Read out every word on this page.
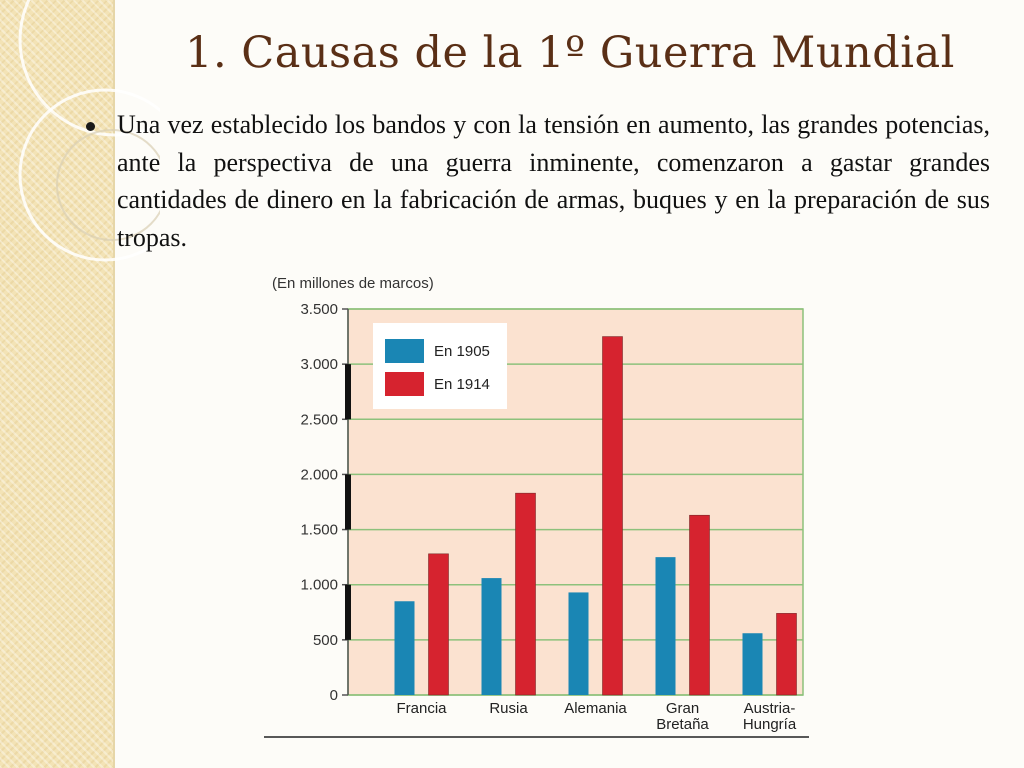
1. Causas de la 1º Guerra Mundial

Una vez establecido los bandos y con la tensión en aumento, las grandes potencias, ante la perspectiva de una guerra inminente, comenzaron a gastar grandes cantidades de dinero en la fabricación de armas, buques y en la preparación de sus tropas.

0
500
1.000
1.500
2.000
2.500
3.000
3.500
Francia	Rusia Alemania	Gran Bretaña
Austria-Hungría
En 1905
En 1914
(En millones de marcos)
